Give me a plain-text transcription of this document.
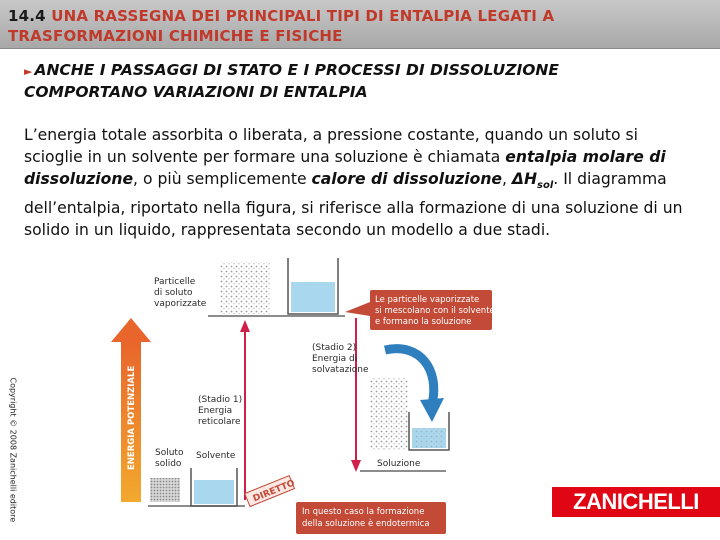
14.4 UNA RASSEGNA DEI PRINCIPALI TIPI DI ENTALPIA LEGATI A
TRASFORMAZIONI CHIMICHE E FISICHE
► ANCHE I PASSAGGI DI STATO E I PROCESSI DI DISSOLUZIONE
COMPORTANO VARIAZIONI DI ENTALPIA
L’energia totale assorbita o liberata, a pressione costante, quando un soluto si scioglie in un solvente per formare una soluzione è chiamata entalpia molare di dissoluzione, o più semplicemente calore di dissoluzione, $\Delta H_{sol}$. Il diagramma dell’entalpia, riportato nella figura, si riferisce alla formazione di una soluzione di un solido in un liquido, rappresentata secondo un modello a due stadi.
ENERGIA POTENZIALE
Particelle
di soluto
vaporizzate
(Stadio 2)
Energia di
solvatazione
(Stadio 1)
Energia
reticolare
Soluto
solido
Solvente
Le particelle vaporizzate
si mescolano con il solvente
e formano la soluzione
Soluzione
DIRETTO
In questo caso la formazione
della soluzione è endotermica
Copyright © 2008 Zanichelli editore	ZANICHELLI
